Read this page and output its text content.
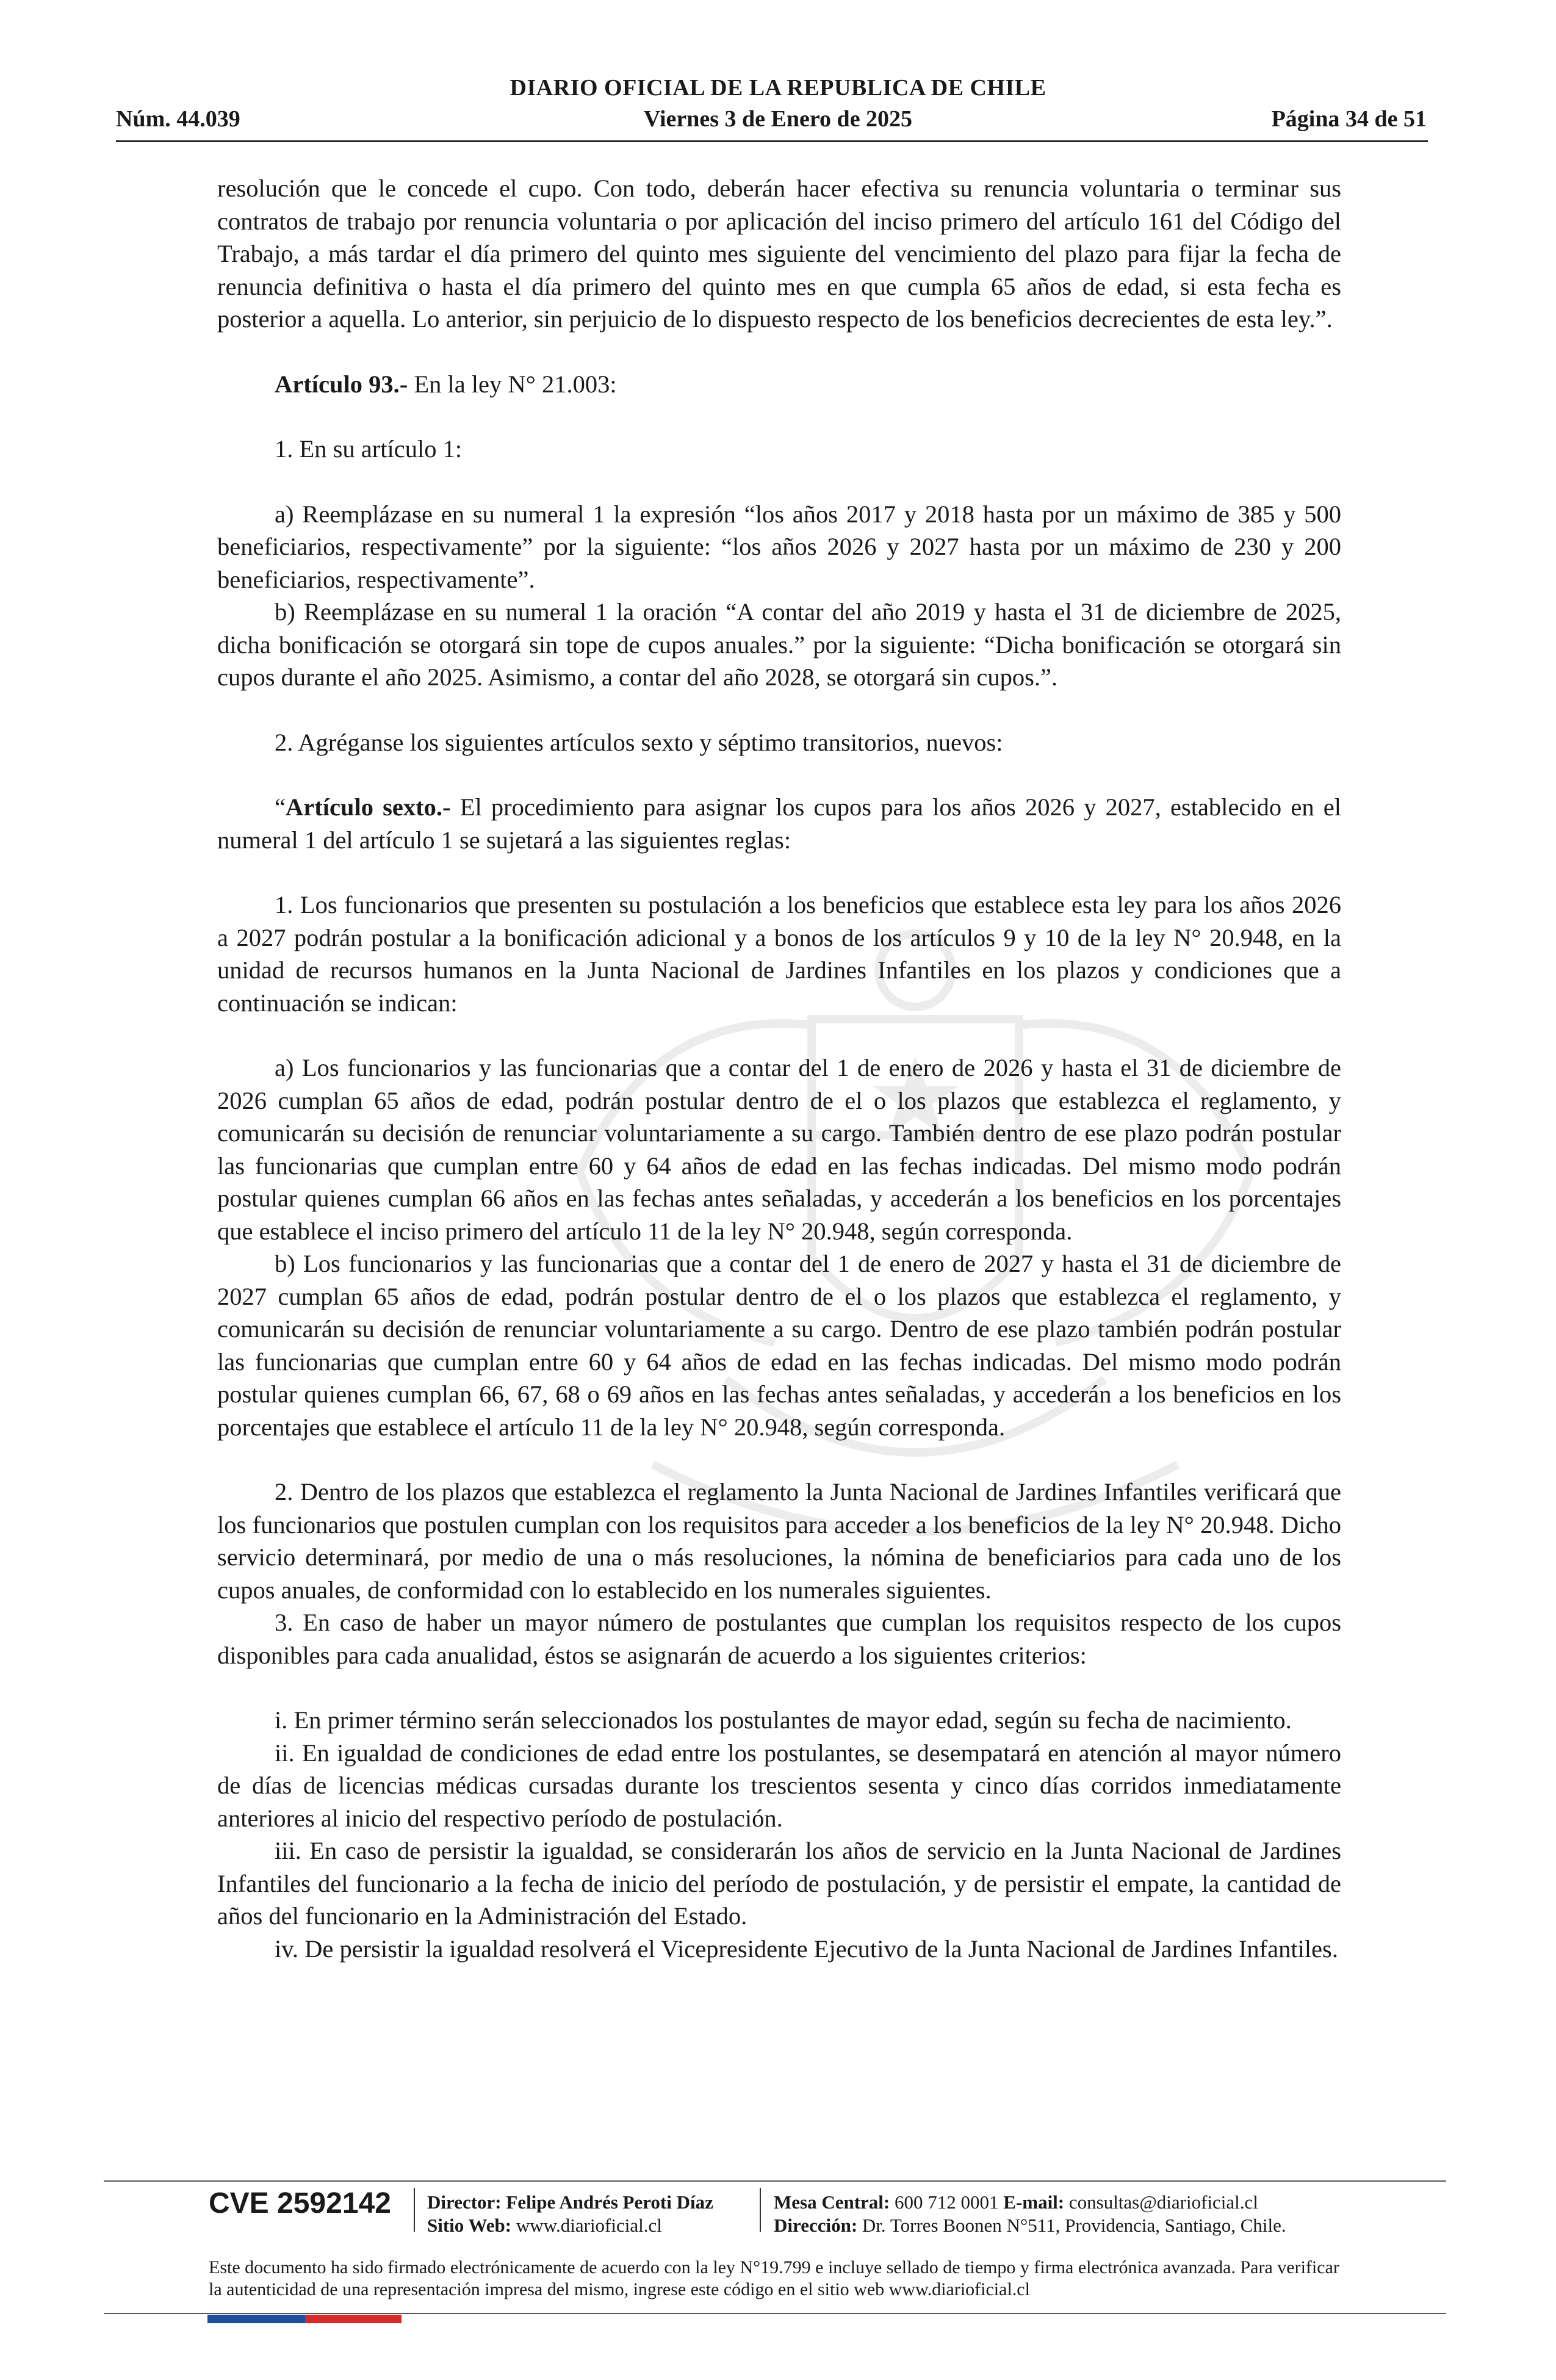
DIARIO OFICIAL DE LA REPUBLICA DE CHILE
Núm. 44.039	Viernes 3 de Enero de 2025	Página 34 de 51

resolución que le concede el cupo. Con todo, deberán hacer efectiva su renuncia voluntaria o terminar sus contratos de trabajo por renuncia voluntaria o por aplicación del inciso primero del artículo 161 del Código del Trabajo, a más tardar el día primero del quinto mes siguiente del vencimiento del plazo para fijar la fecha de renuncia definitiva o hasta el día primero del quinto mes en que cumpla 65 años de edad, si esta fecha es posterior a aquella. Lo anterior, sin perjuicio de lo dispuesto respecto de los beneficios decrecientes de esta ley.”.

Artículo 93.- En la ley N° 21.003:

1. En su artículo 1:

a) Reemplázase en su numeral 1 la expresión “los años 2017 y 2018 hasta por un máximo de 385 y 500 beneficiarios, respectivamente” por la siguiente: “los años 2026 y 2027 hasta por un máximo de 230 y 200 beneficiarios, respectivamente”.

b) Reemplázase en su numeral 1 la oración “A contar del año 2019 y hasta el 31 de diciembre de 2025, dicha bonificación se otorgará sin tope de cupos anuales.” por la siguiente: “Dicha bonificación se otorgará sin cupos durante el año 2025. Asimismo, a contar del año 2028, se otorgará sin cupos.”.

2. Agréganse los siguientes artículos sexto y séptimo transitorios, nuevos:

“Artículo sexto.- El procedimiento para asignar los cupos para los años 2026 y 2027, establecido en el numeral 1 del artículo 1 se sujetará a las siguientes reglas:

1. Los funcionarios que presenten su postulación a los beneficios que establece esta ley para los años 2026 a 2027 podrán postular a la bonificación adicional y a bonos de los artículos 9 y 10 de la ley N° 20.948, en la unidad de recursos humanos en la Junta Nacional de Jardines Infantiles en los plazos y condiciones que a continuación se indican:

a) Los funcionarios y las funcionarias que a contar del 1 de enero de 2026 y hasta el 31 de diciembre de 2026 cumplan 65 años de edad, podrán postular dentro de el o los plazos que establezca el reglamento, y comunicarán su decisión de renunciar voluntariamente a su cargo. También dentro de ese plazo podrán postular las funcionarias que cumplan entre 60 y 64 años de edad en las fechas indicadas. Del mismo modo podrán postular quienes cumplan 66 años en las fechas antes señaladas, y accederán a los beneficios en los porcentajes que establece el inciso primero del artículo 11 de la ley N° 20.948, según corresponda.

b) Los funcionarios y las funcionarias que a contar del 1 de enero de 2027 y hasta el 31 de diciembre de 2027 cumplan 65 años de edad, podrán postular dentro de el o los plazos que establezca el reglamento, y comunicarán su decisión de renunciar voluntariamente a su cargo. Dentro de ese plazo también podrán postular las funcionarias que cumplan entre 60 y 64 años de edad en las fechas indicadas. Del mismo modo podrán postular quienes cumplan 66, 67, 68 o 69 años en las fechas antes señaladas, y accederán a los beneficios en los porcentajes que establece el artículo 11 de la ley N° 20.948, según corresponda.

2. Dentro de los plazos que establezca el reglamento la Junta Nacional de Jardines Infantiles verificará que los funcionarios que postulen cumplan con los requisitos para acceder a los beneficios de la ley N° 20.948. Dicho servicio determinará, por medio de una o más resoluciones, la nómina de beneficiarios para cada uno de los cupos anuales, de conformidad con lo establecido en los numerales siguientes.

3. En caso de haber un mayor número de postulantes que cumplan los requisitos respecto de los cupos disponibles para cada anualidad, éstos se asignarán de acuerdo a los siguientes criterios:

i. En primer término serán seleccionados los postulantes de mayor edad, según su fecha de nacimiento.

ii. En igualdad de condiciones de edad entre los postulantes, se desempatará en atención al mayor número de días de licencias médicas cursadas durante los trescientos sesenta y cinco días corridos inmediatamente anteriores al inicio del respectivo período de postulación.

iii. En caso de persistir la igualdad, se considerarán los años de servicio en la Junta Nacional de Jardines Infantiles del funcionario a la fecha de inicio del período de postulación, y de persistir el empate, la cantidad de años del funcionario en la Administración del Estado.

iv. De persistir la igualdad resolverá el Vicepresidente Ejecutivo de la Junta Nacional de Jardines Infantiles.

CVE 2592142 Director: Felipe Andrés Peroti Díaz
Sitio Web: www.diarioficial.cl
Mesa Central: 600 712 0001 E-mail: consultas@diarioficial.cl
Dirección: Dr. Torres Boonen N°511, Providencia, Santiago, Chile.
Este documento ha sido firmado electrónicamente de acuerdo con la ley N°19.799 e incluye sellado de tiempo y firma electrónica avanzada. Para verificar la autenticidad de una representación impresa del mismo, ingrese este código en el sitio web www.diarioficial.cl
